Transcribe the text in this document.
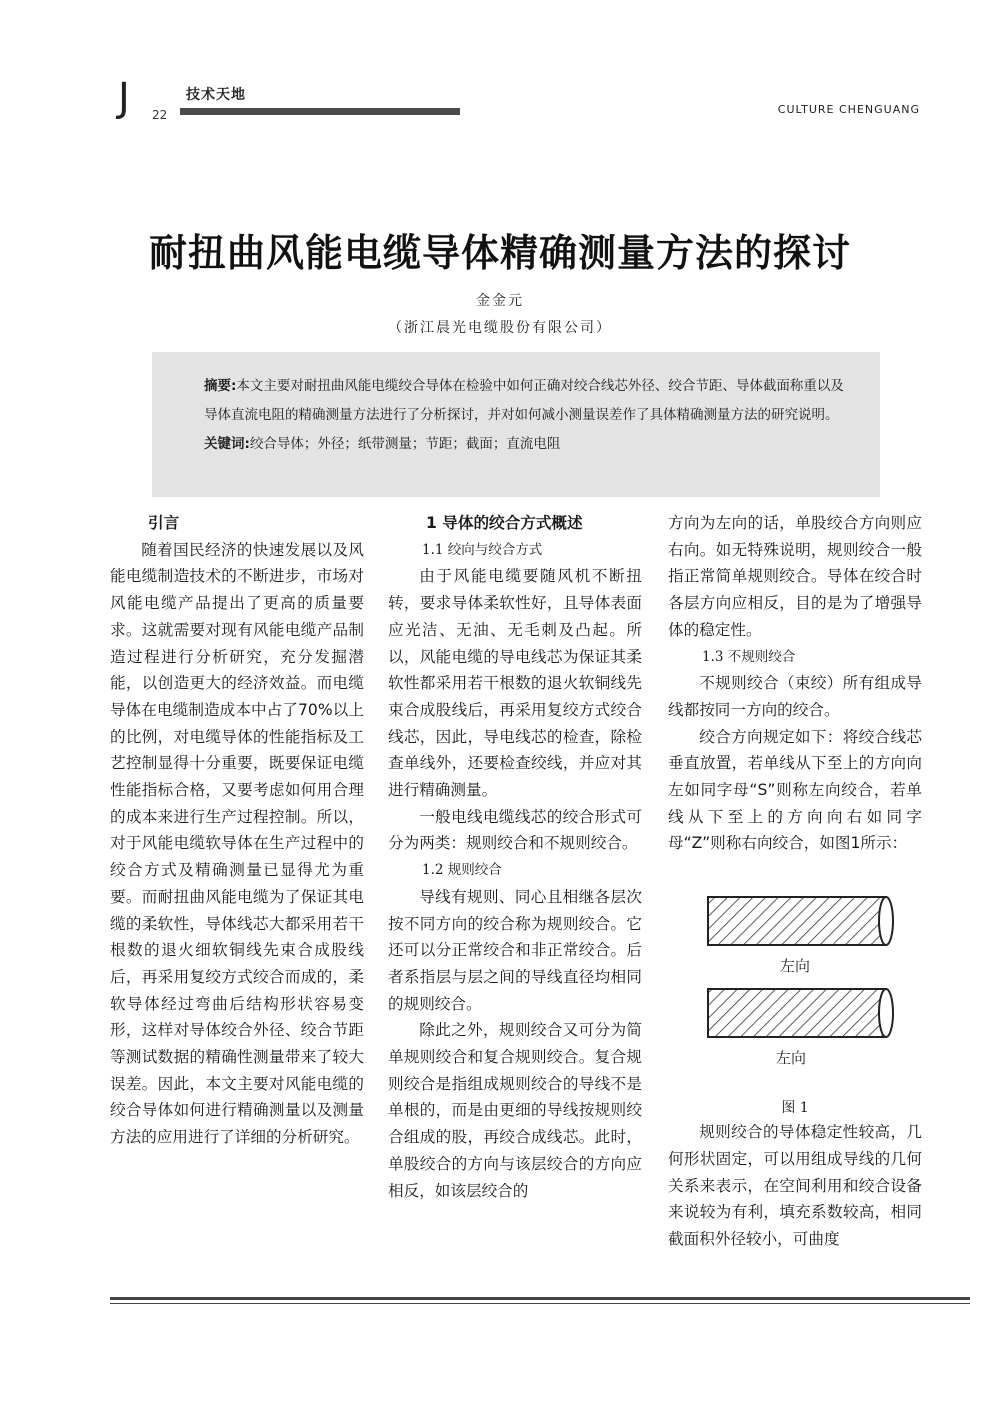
J 22
技术天地
CULTURE CHENGUANG
耐扭曲风能电缆导体精确测量方法的探讨
金金元
（浙江晨光电缆股份有限公司）

摘要:本文主要对耐扭曲风能电缆绞合导体在检验中如何正确对绞合线芯外径、绞合节距、导体截面称重以及导体直流电阻的精确测量方法进行了分析探讨，并对如何减小测量误差作了具体精确测量方法的研究说明。

关键词:绞合导体；外径；纸带测量；节距；截面；直流电阻

引言

随着国民经济的快速发展以及风能电缆制造技术的不断进步，市场对风能电缆产品提出了更高的质量要求。这就需要对现有风能电缆产品制造过程进行分析研究，充分发掘潜能，以创造更大的经济效益。而电缆导体在电缆制造成本中占了70%以上的比例，对电缆导体的性能指标及工艺控制显得十分重要，既要保证电缆性能指标合格，又要考虑如何用合理的成本来进行生产过程控制。所以，对于风能电缆软导体在生产过程中的绞合方式及精确测量已显得尤为重要。而耐扭曲风能电缆为了保证其电缆的柔软性，导体线芯大都采用若干根数的退火细软铜线先束合成股线后，再采用复绞方式绞合而成的，柔软导体经过弯曲后结构形状容易变形，这样对导体绞合外径、绞合节距等测试数据的精确性测量带来了较大误差。因此，本文主要对风能电缆的绞合导体如何进行精确测量以及测量方法的应用进行了详细的分析研究。

1 导体的绞合方式概述

1.1 绞向与绞合方式

由于风能电缆要随风机不断扭转，要求导体柔软性好，且导体表面应光洁、无油、无毛刺及凸起。所以，风能电缆的导电线芯为保证其柔软性都采用若干根数的退火软铜线先束合成股线后，再采用复绞方式绞合线芯，因此，导电线芯的检查，除检查单线外，还要检查绞线，并应对其进行精确测量。

一般电线电缆线芯的绞合形式可分为两类：规则绞合和不规则绞合。

1.2 规则绞合

导线有规则、同心且相继各层次按不同方向的绞合称为规则绞合。它还可以分正常绞合和非正常绞合。后者系指层与层之间的导线直径均相同的规则绞合。

除此之外，规则绞合又可分为简单规则绞合和复合规则绞合。复合规则绞合是指组成规则绞合的导线不是单根的，而是由更细的导线按规则绞合组成的股，再绞合成线芯。此时，单股绞合的方向与该层绞合的方向应相反，如该层绞合的

方向为左向的话，单股绞合方向则应右向。如无特殊说明，规则绞合一般指正常简单规则绞合。导体在绞合时各层方向应相反，目的是为了增强导体的稳定性。

1.3 不规则绞合

不规则绞合（束绞）所有组成导线都按同一方向的绞合。

绞合方向规定如下：将绞合线芯垂直放置，若单线从下至上的方向向左如同字母“S”则称左向绞合，若单线从下至上的方向向右如同字母“Z”则称右向绞合，如图1所示：

左向
左向

图 1

规则绞合的导体稳定性较高，几何形状固定，可以用组成导线的几何关系来表示，在空间利用和绞合设备来说较为有利，填充系数较高，相同截面积外径较小，可曲度
